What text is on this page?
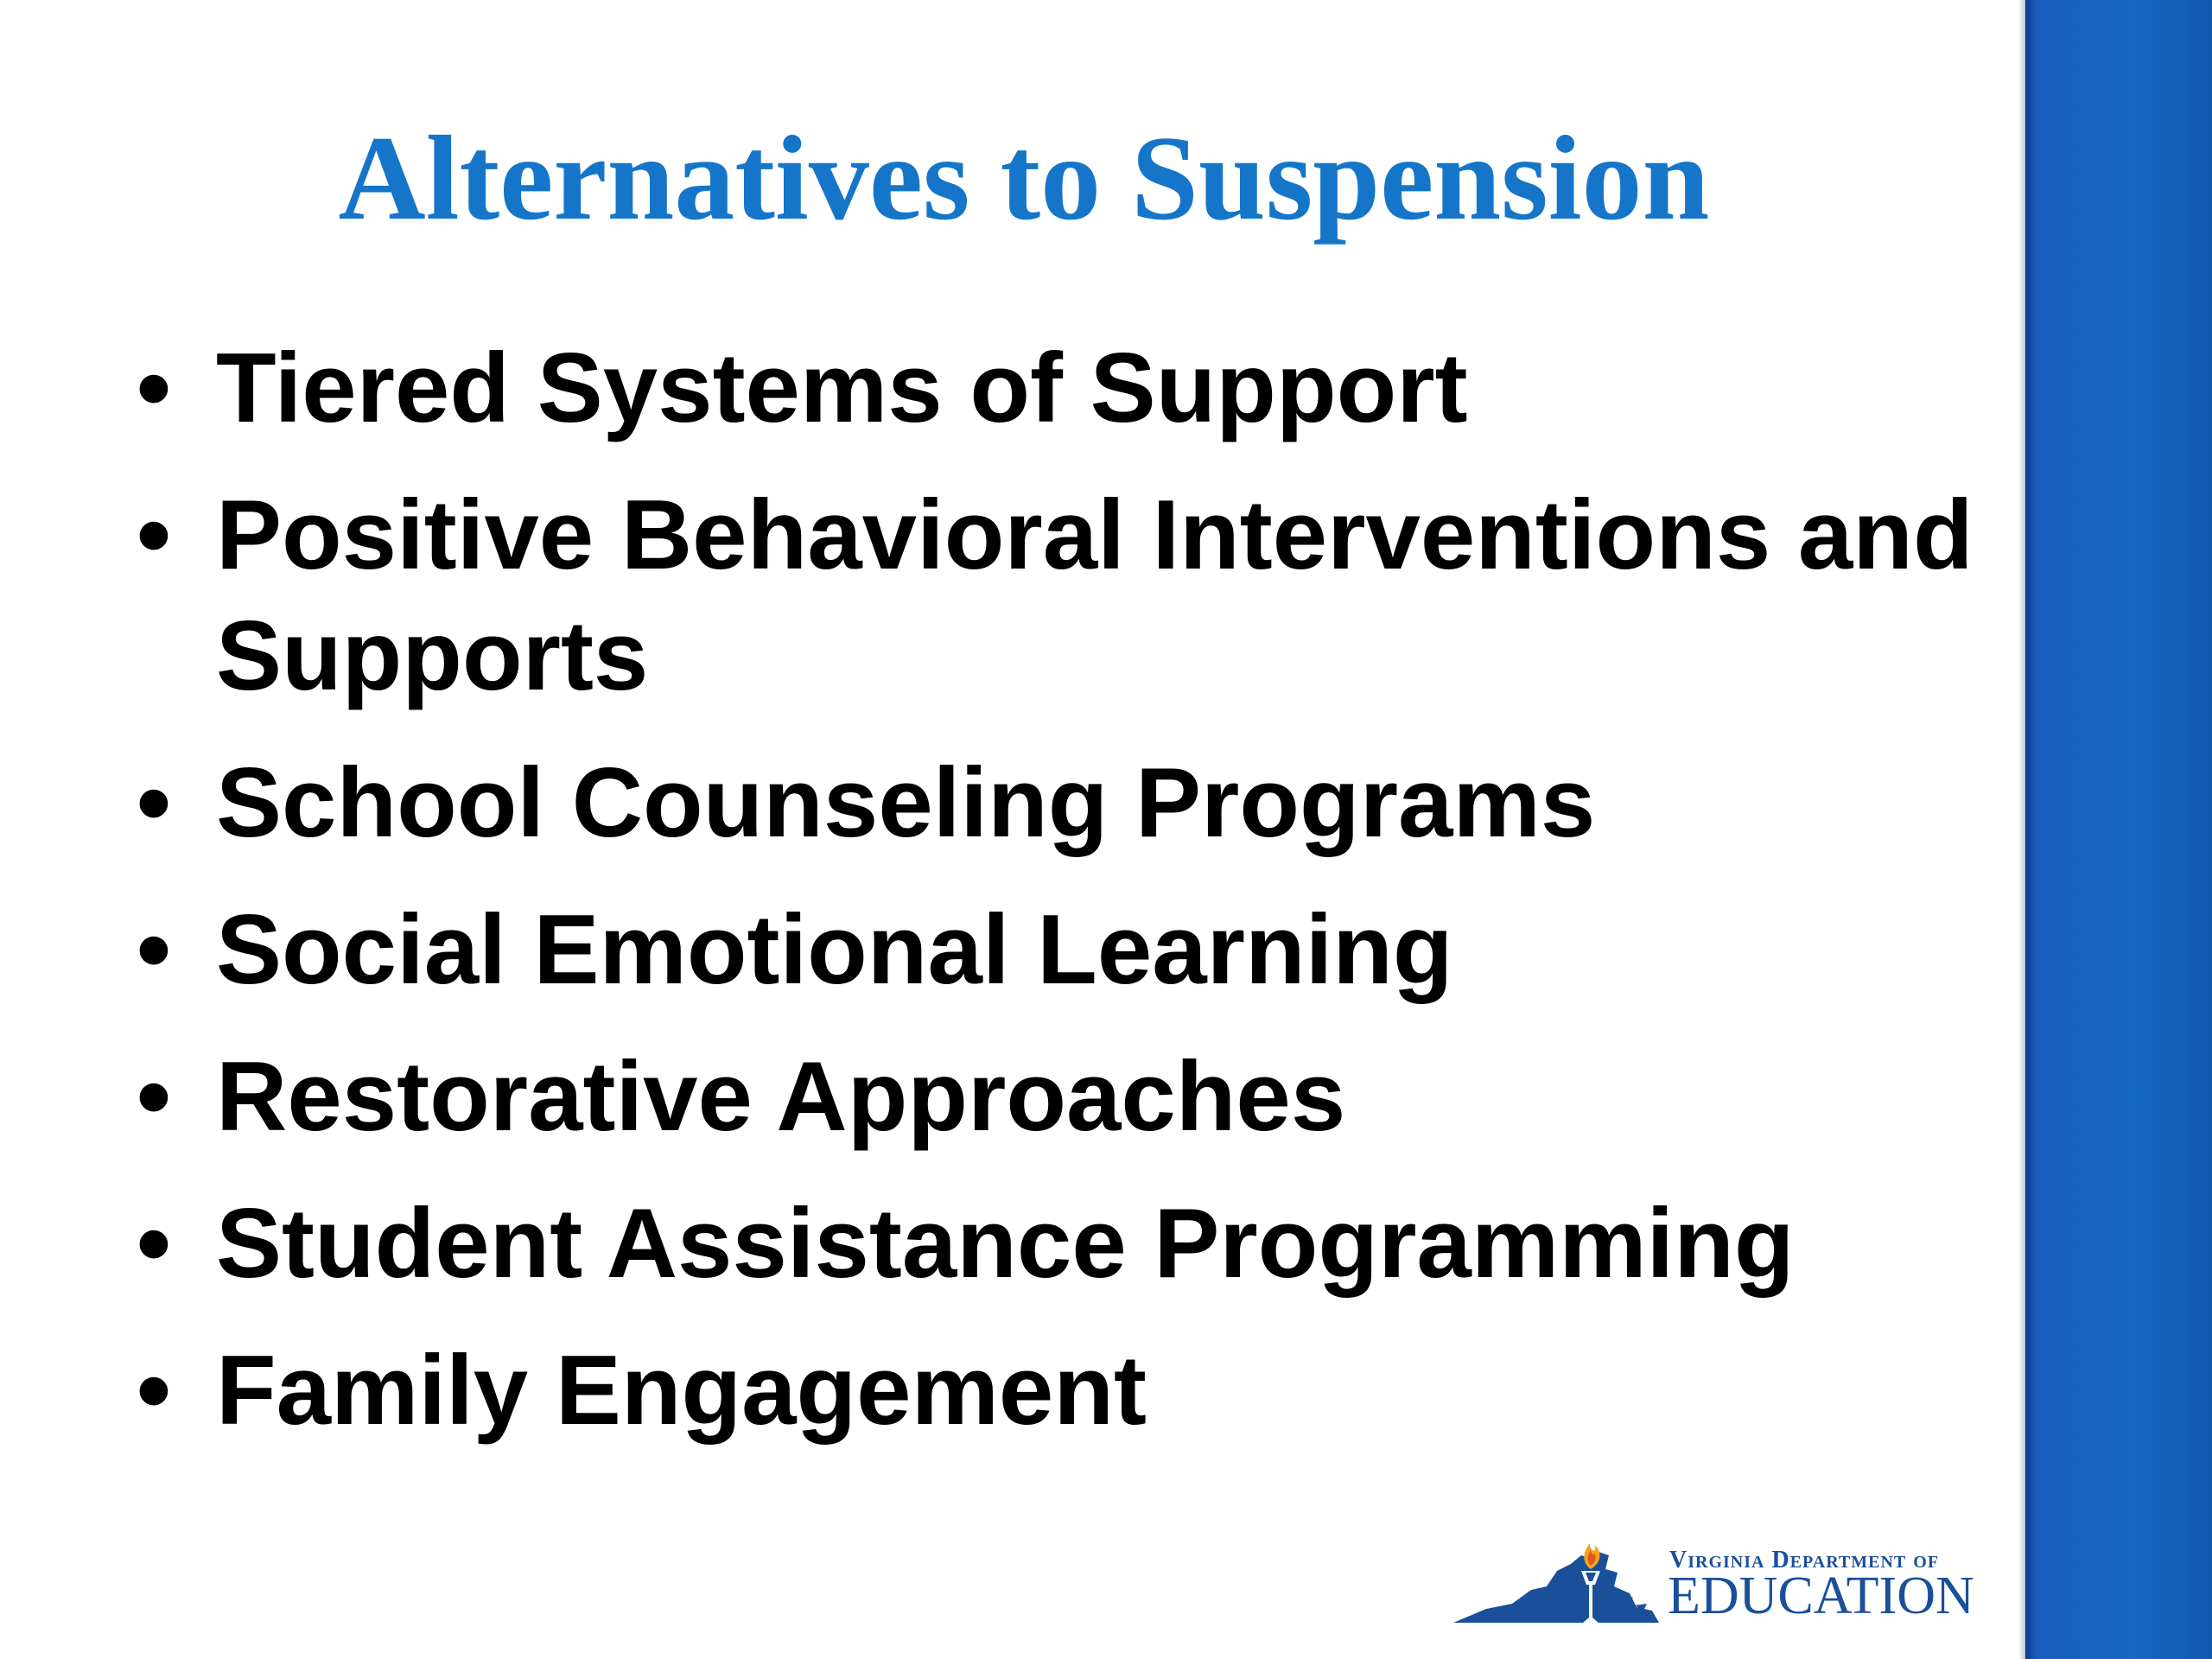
Alternatives to Suspension
• Tiered Systems of Support
• Positive Behavioral Interventions and Supports
• School Counseling Programs
• Social Emotional Learning
• Restorative Approaches
• Student Assistance Programming
• Family Engagement
Virginia Department of
EDUCATION
